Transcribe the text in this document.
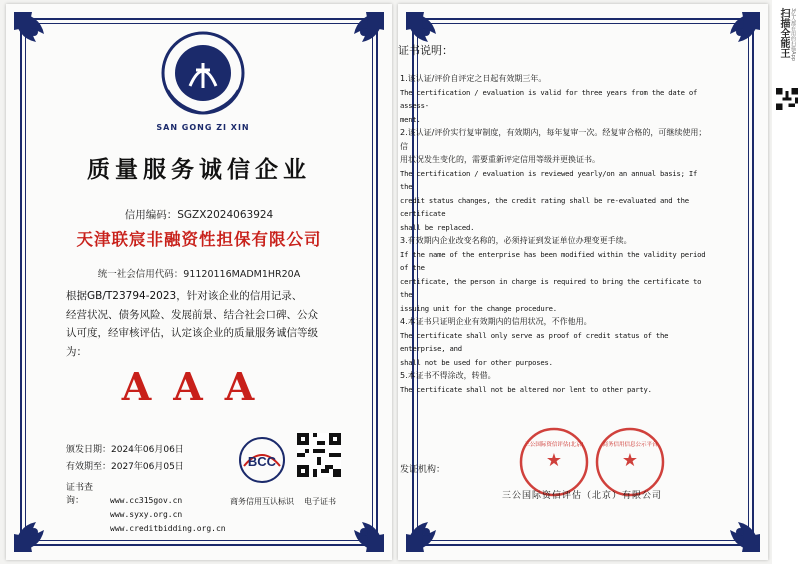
SAN GONG ZI XIN
质量服务诚信企业
信用编码：SGZX2024063924
天津联宸非融资性担保有限公司
统一社会信用代码：91120116MADM1HR20A
根据GB/T23794-2023，针对该企业的信用记录、
经营状况、债务风险、发展前景、结合社会口碑、公众
认可度，经审核评估，认定该企业的质量服务诚信等级
为：
AAA
颁发日期：2024年06月06日
有效期至：2027年06月05日
证书查询：	www.cc315gov.cn
www.syxy.org.cn
www.creditbidding.org.cn
BCC
商务信用互认标识 电子证书
证书说明：
1.该认证/评价自评定之日起有效期三年。
The certification / evaluation is valid for three years from the date of assess-
ment.
2.该认证/评价实行复审制度，有效期内，每年复审一次。经复审合格的，可继续使用；信
用状况发生变化的，需要重新评定信用等级并更换证书。
The certification / evaluation is reviewed yearly/on an annual basis; If the
credit status changes, the credit rating shall be re-evaluated and the certificate
shall be replaced.
3.有效期内企业改变名称的，必须持证到发证单位办理变更手续。
If the name of the enterprise has been modified within the validity period of the
certificate, the person in charge is required to bring the certificate to the
issuing unit for the change procedure.
4.本证书只证明企业有效期内的信用状况，不作他用。
The certificate shall only serve as proof of credit status of the enterprise, and
shall not be used for other purposes.
5.本证书不得涂改，转借。
The certificate shall not be altered nor lent to other party.
★
三公国际资信评估(北京)
★
商务信用信息公示平台
发证机构：
三公国际资信评估（北京）有限公司
扫描全能王 3亿人都在用的扫描App
